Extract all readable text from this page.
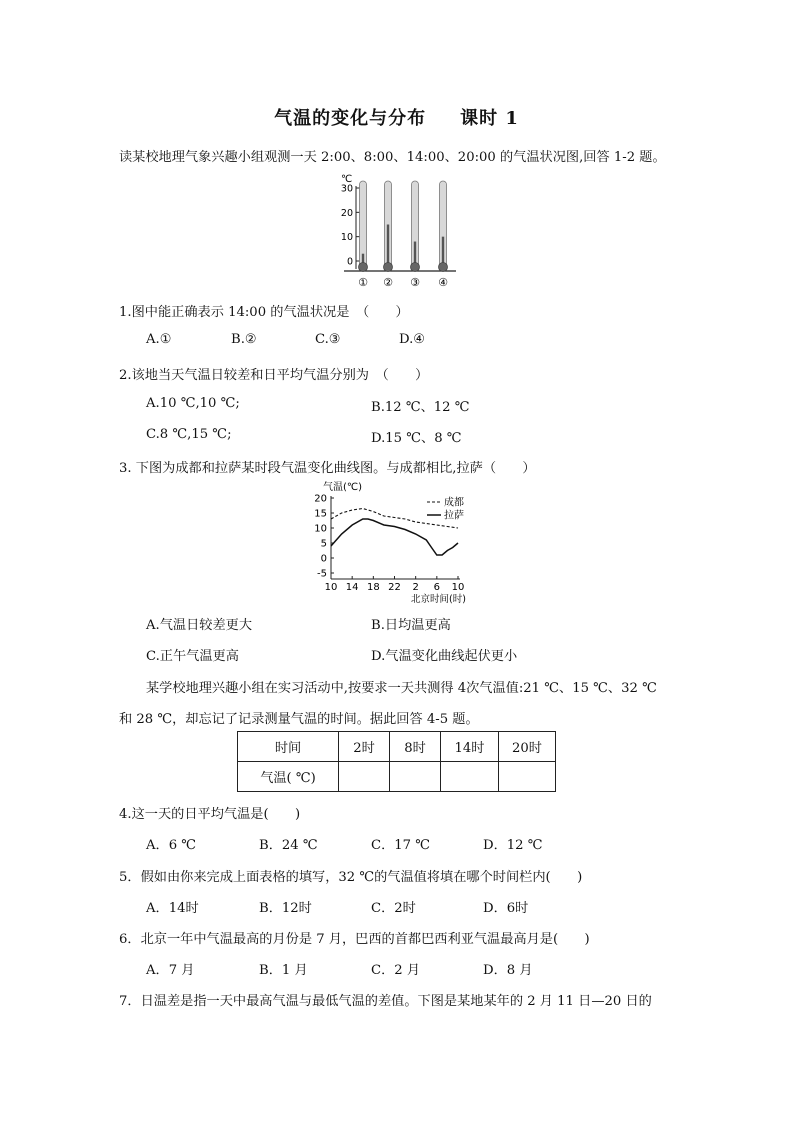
气温的变化与分布 课时 1
读某校地理气象兴趣小组观测一天 2:00、8:00、14:00、20:00 的气温状况图,回答 1-2 题。
℃
30
20
10
0
① ② ③ ④
1.图中能正确表示 14:00 的气温状况是　（　　）
A.①	B.②	C.③	D.④
2.该地当天气温日较差和日平均气温分别为　（　　）
A.10 ℃,10 ℃;	B.12 ℃、12 ℃
C.8 ℃,15 ℃;	D.15 ℃、8 ℃
3. 下图为成都和拉萨某时段气温变化曲线图。与成都相比,拉萨（　　）
气温(℃)
成都
拉萨
20
15
10
5
0
-5
10 14 18 22 2 6 10
北京时间(时)
A.气温日较差更大	B.日均温更高
C.正午气温更高	D.气温变化曲线起伏更小
某学校地理兴趣小组在实习活动中,按要求一天共测得 4次气温值:21 ℃、15 ℃、32 ℃
和 28 ℃，却忘记了记录测量气温的时间。据此回答 4-5 题。
时间	2时	8时	14时	20时
气温( ℃)				
4.这一天的日平均气温是(　　)
A．6 ℃	B．24 ℃	C．17 ℃	D．12 ℃
5．假如由你来完成上面表格的填写，32 ℃的气温值将填在哪个时间栏内(　　)
A．14时	B．12时	C．2时	D．6时
6．北京一年中气温最高的月份是 7 月，巴西的首都巴西利亚气温最高月是(　　)
A．7 月	B．1 月	C．2 月	D．8 月
7．日温差是指一天中最高气温与最低气温的差值。下图是某地某年的 2 月 11 日—20 日的
